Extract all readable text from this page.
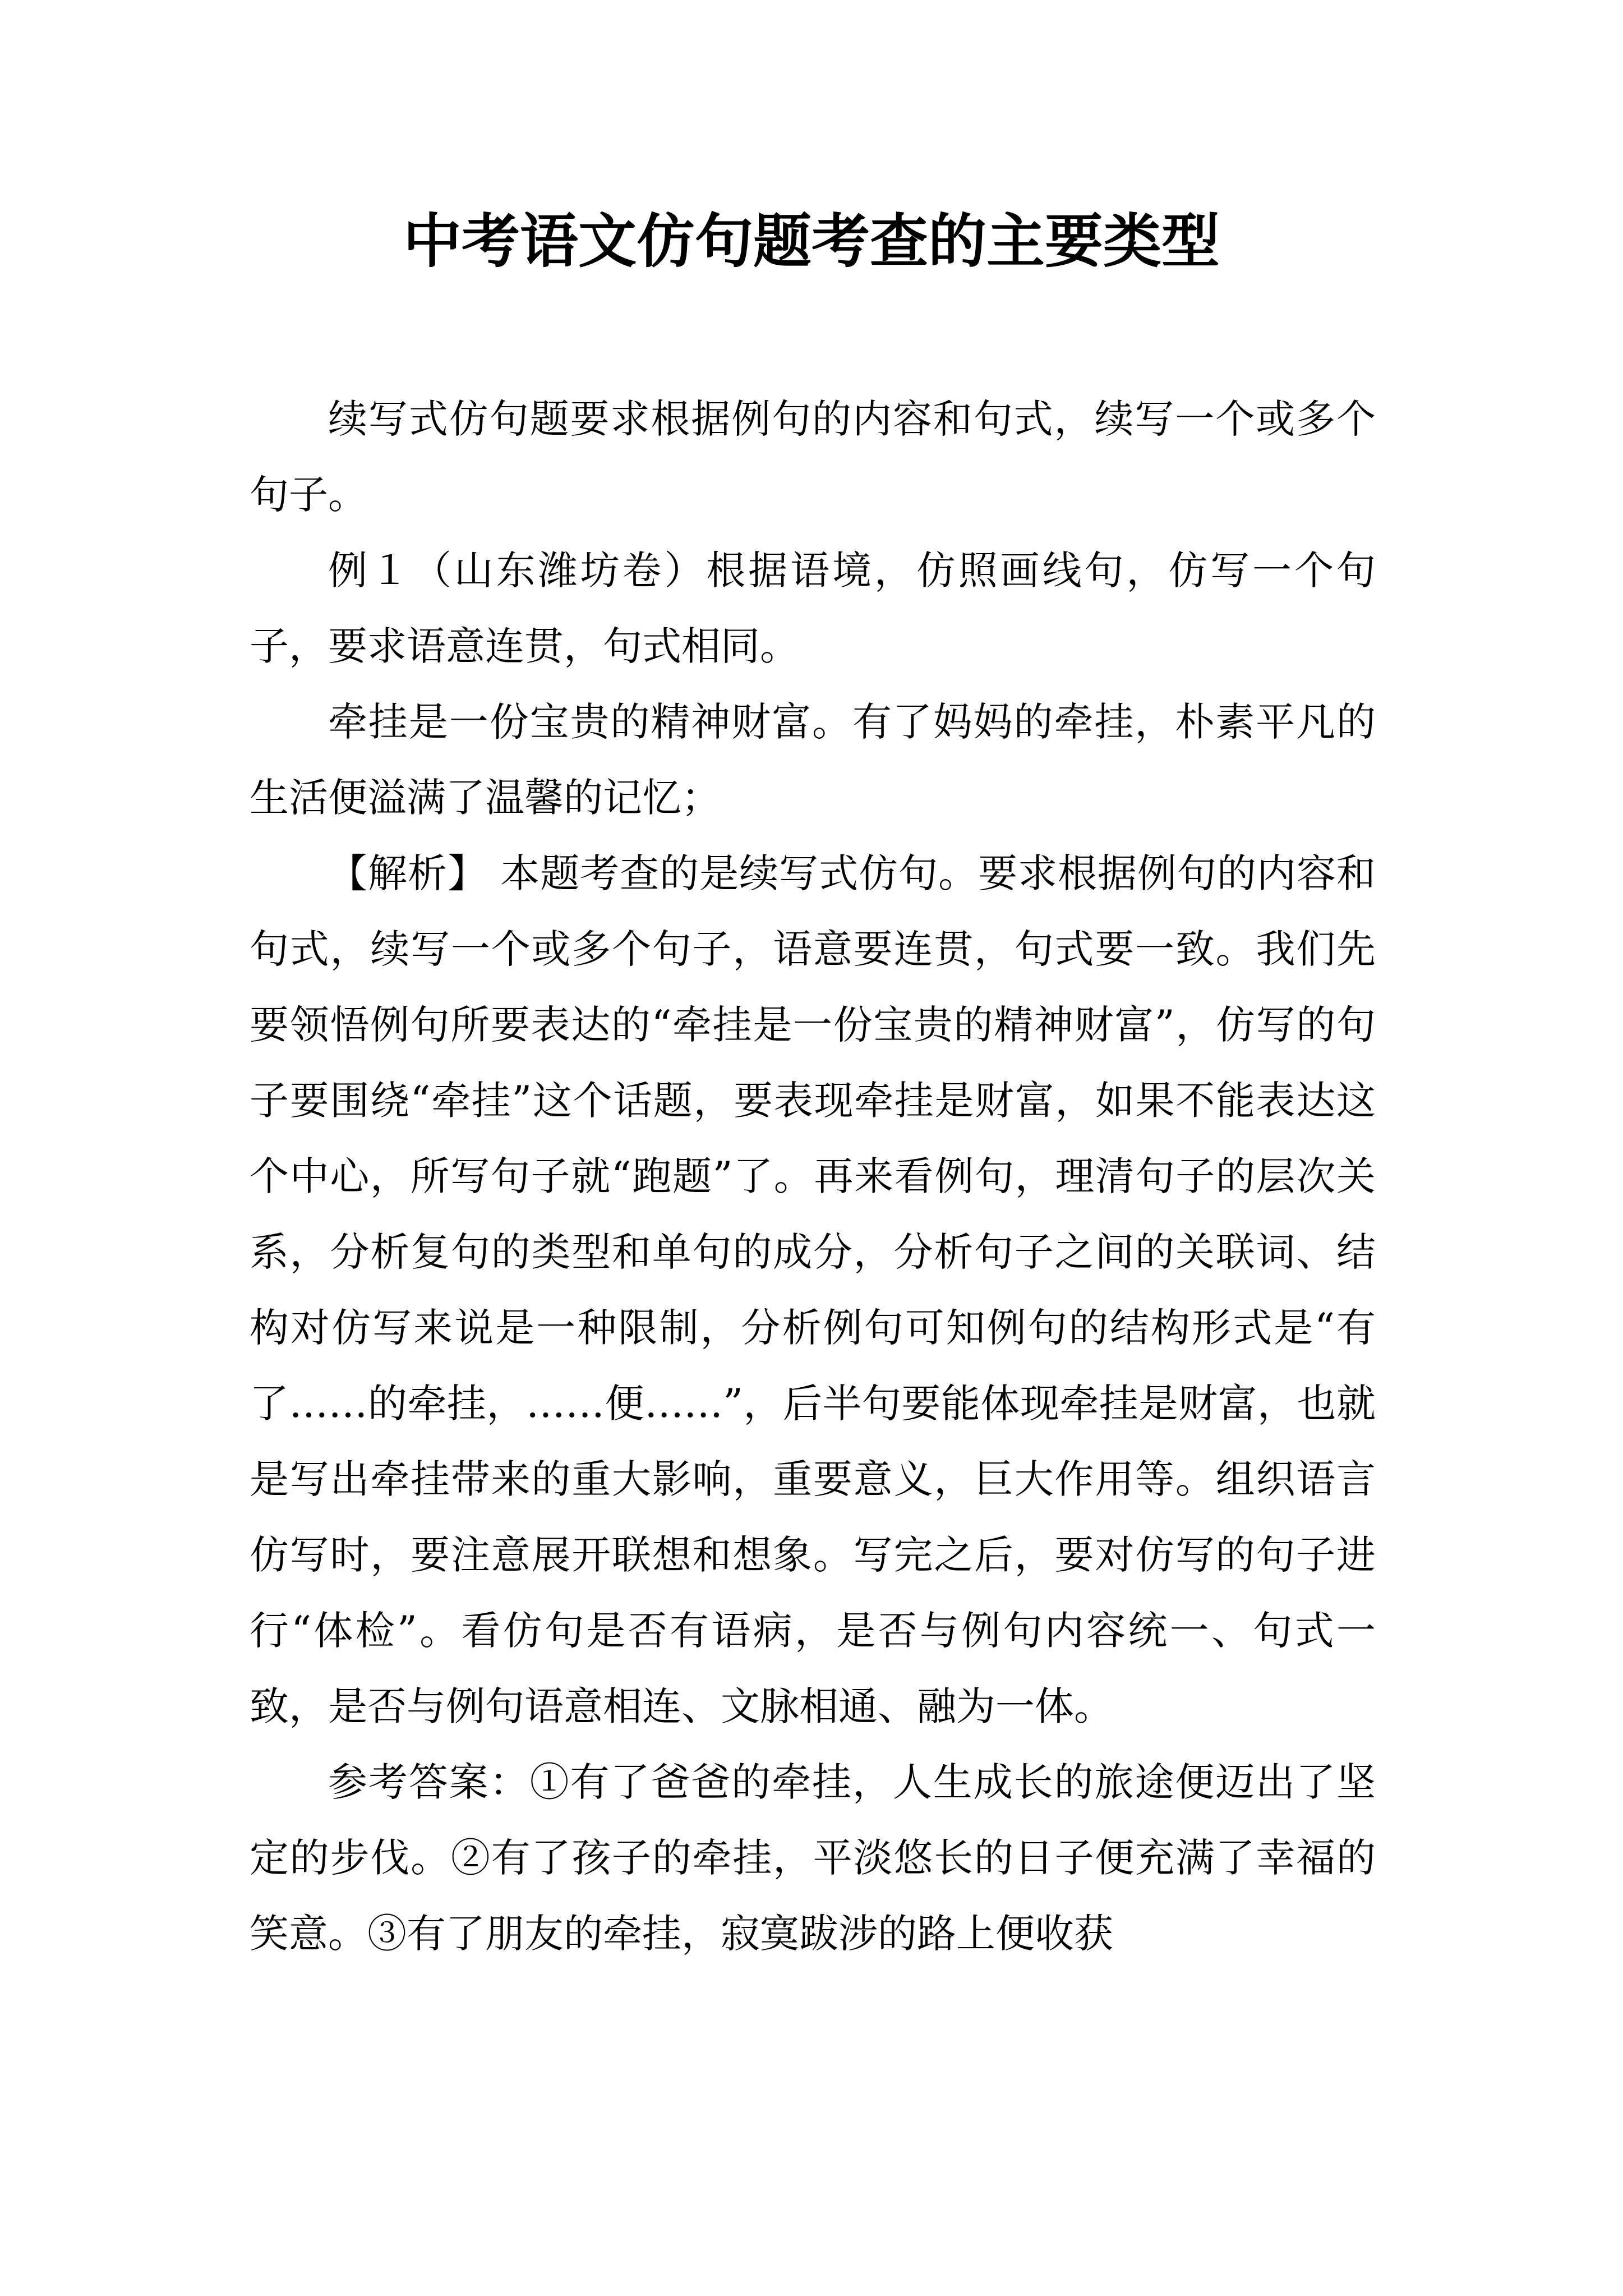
中考语文仿句题考查的主要类型

续写式仿句题要求根据例句的内容和句式，续写一个或多个句子。

例１（山东潍坊卷）根据语境，仿照画线句，仿写一个句子，要求语意连贯，句式相同。

牵挂是一份宝贵的精神财富。有了妈妈的牵挂，朴素平凡的生活便溢满了温馨的记忆；

【解析】 本题考查的是续写式仿句。要求根据例句的内容和句式，续写一个或多个句子，语意要连贯，句式要一致。我们先要领悟例句所要表达的“牵挂是一份宝贵的精神财富”，仿写的句子要围绕“牵挂”这个话题，要表现牵挂是财富，如果不能表达这个中心，所写句子就“跑题”了。再来看例句，理清句子的层次关系，分析复句的类型和单句的成分，分析句子之间的关联词、结构对仿写来说是一种限制，分析例句可知例句的结构形式是“有了……的牵挂，……便……”，后半句要能体现牵挂是财富，也就是写出牵挂带来的重大影响，重要意义，巨大作用等。组织语言仿写时，要注意展开联想和想象。写完之后，要对仿写的句子进行“体检”。看仿句是否有语病，是否与例句内容统一、句式一致，是否与例句语意相连、文脉相通、融为一体。

参考答案：①有了爸爸的牵挂，人生成长的旅途便迈出了坚定的步伐。②有了孩子的牵挂，平淡悠长的日子便充满了幸福的笑意。③有了朋友的牵挂，寂寞跋涉的路上便收获
